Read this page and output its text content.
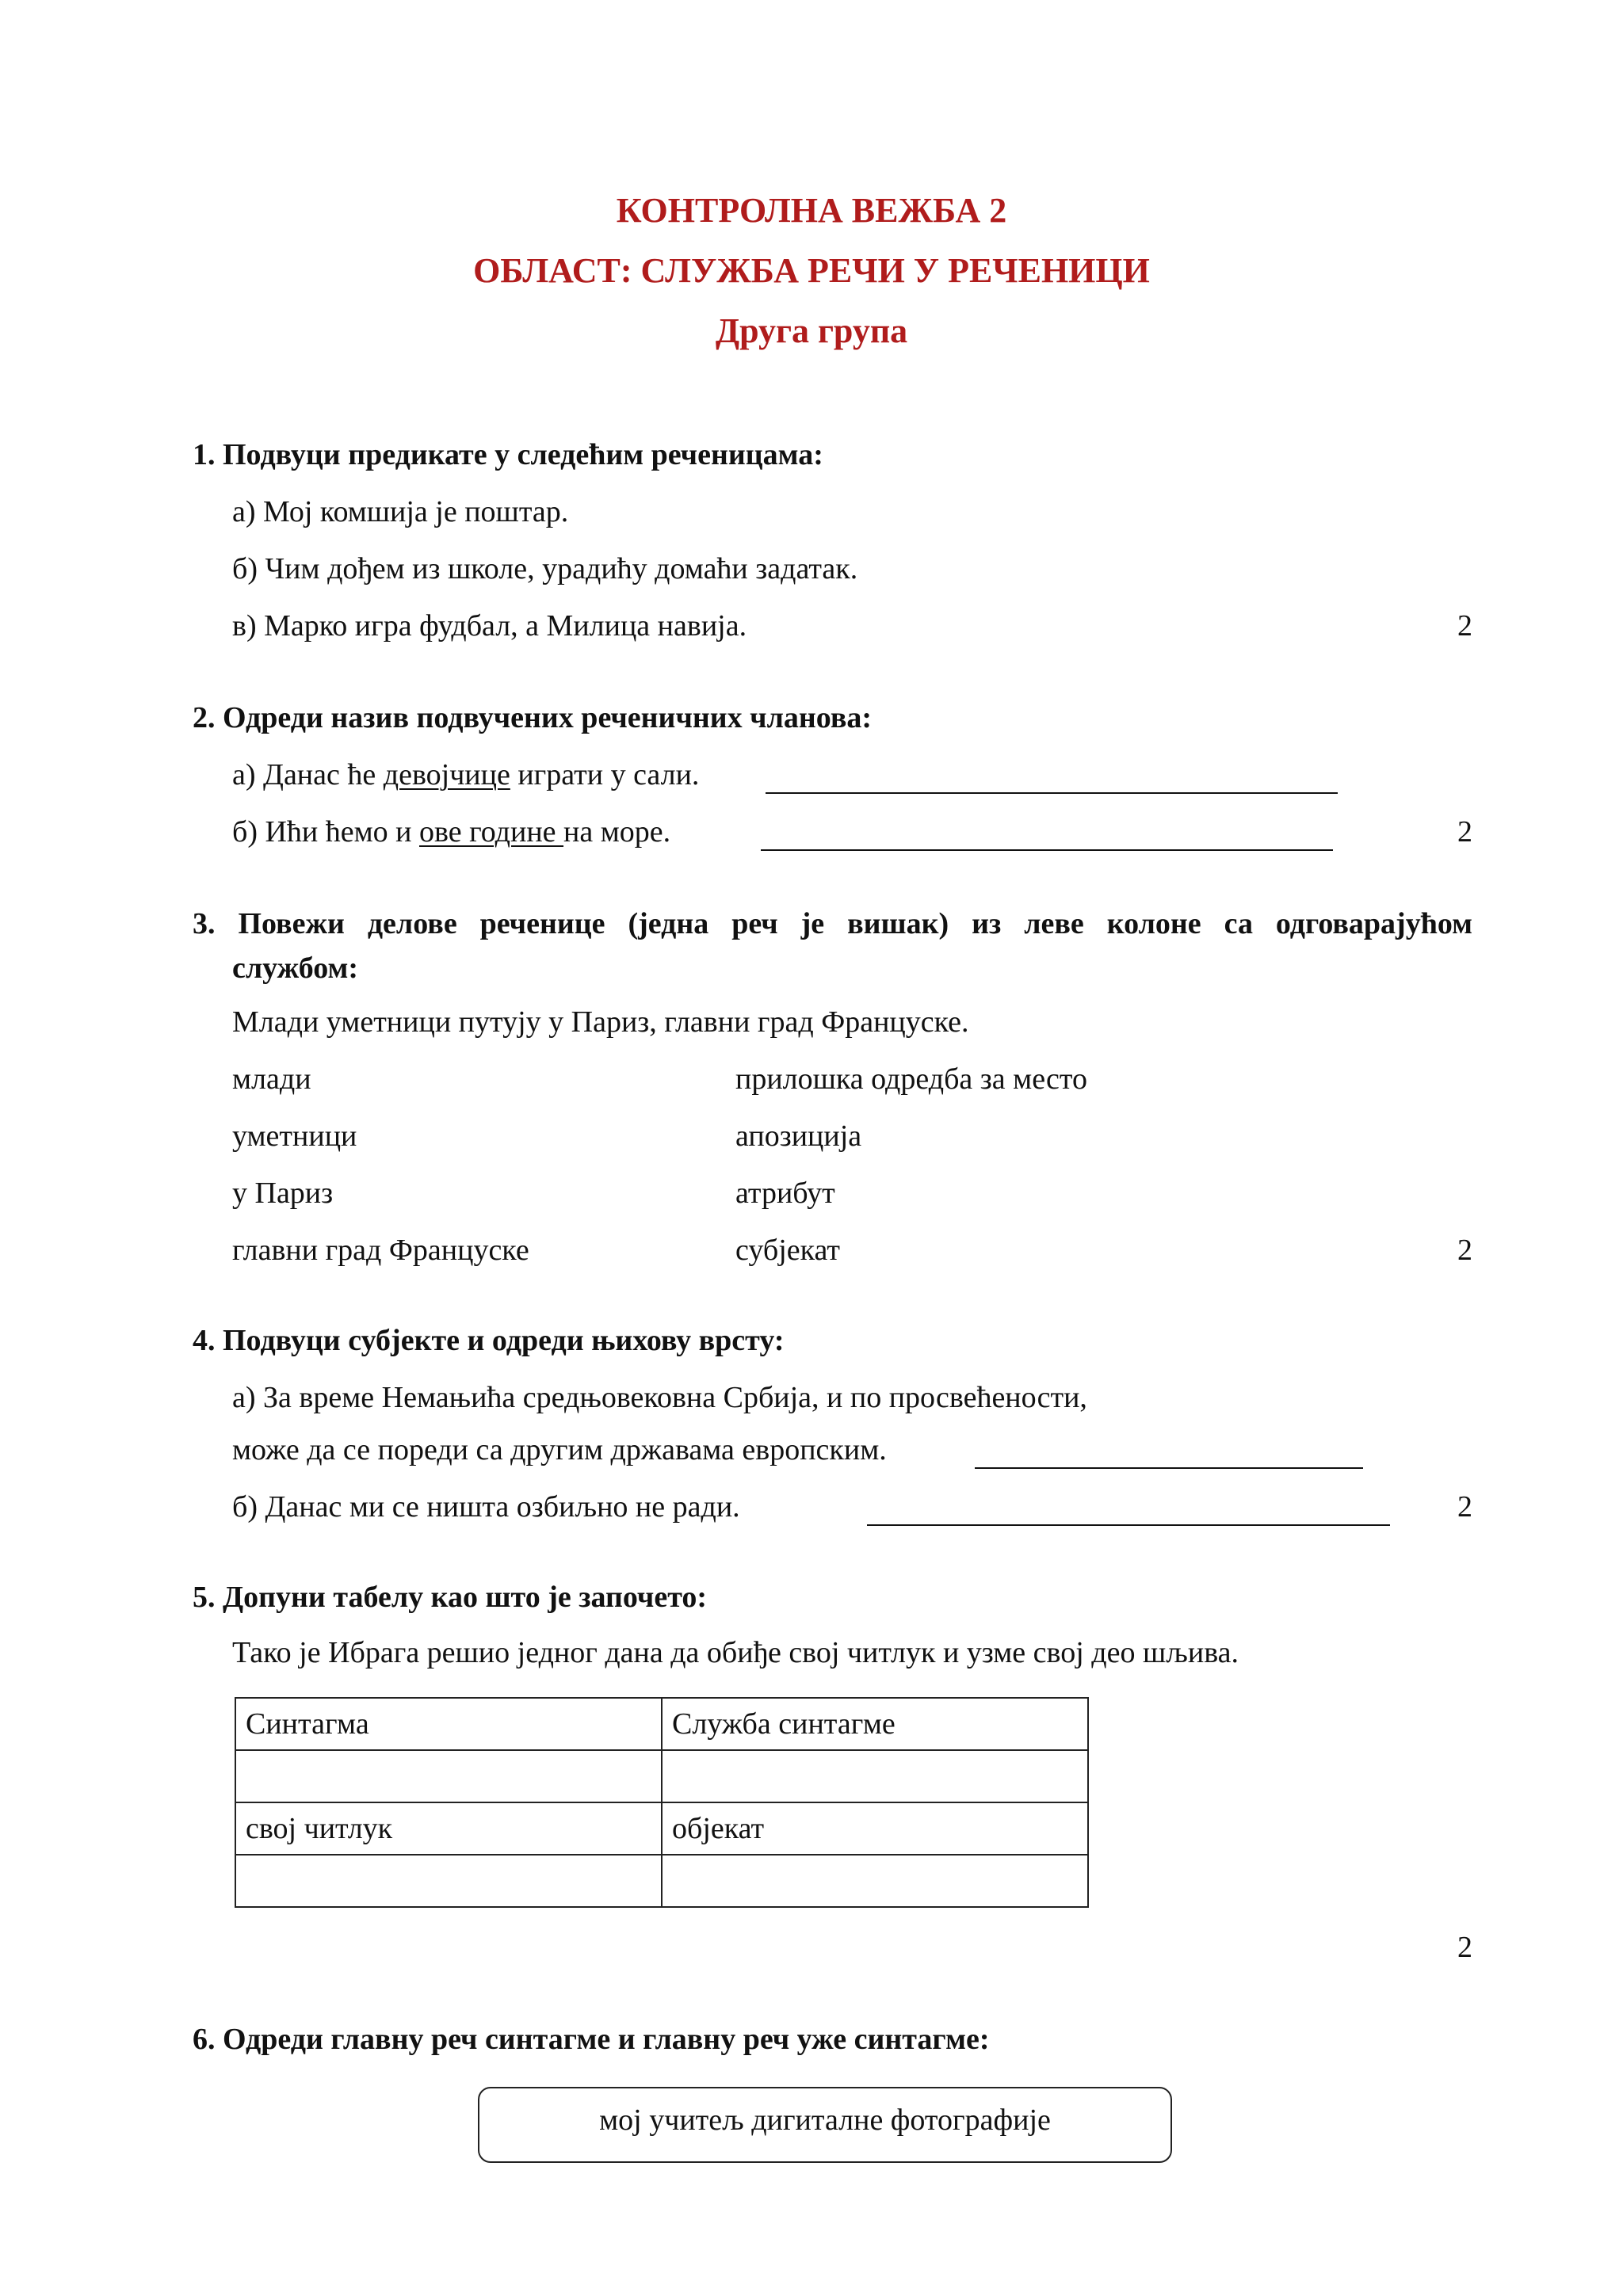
КОНТРОЛНА ВЕЖБА 2
ОБЛАСТ: СЛУЖБА РЕЧИ У РЕЧЕНИЦИ
Друга група
1. Подвуци предикате у следећим реченицама:
а) Мој комшија је поштар.
б) Чим дођем из школе, урадићу домаћи задатак.
в) Марко игра фудбал, а Милица навија.	2
2. Одреди назив подвучених реченичних чланова:
а) Данас ће девојчице играти у сали.
б) Ићи ћемо и ове године на море.	2
3. Повежи делове реченице (једна реч је вишак) из леве колоне са одговарајућом
службом:
Млади уметници путују у Париз, главни град Француске.
млади	прилошка одредба за место
уметници	апозиција
у Париз	атрибут
главни град Француске	субјекат	2
4. Подвуци субјекте и одреди њихову врсту:
а) За време Немањића средњовековна Србија, и по просвећености,
може да се пореди са другим државама европским.
б) Данас ми се ништа озбиљно не ради.	2
5. Допуни табелу као што је започето:
Тако је Ибрага решио једног дана да обиђе свој читлук и узме свој део шљива.
Синтагма	Служба синтагме

свој читлук	објекат

2
6. Одреди главну реч синтагме и главну реч уже синтагме:
мој учитељ дигиталне фотографије
